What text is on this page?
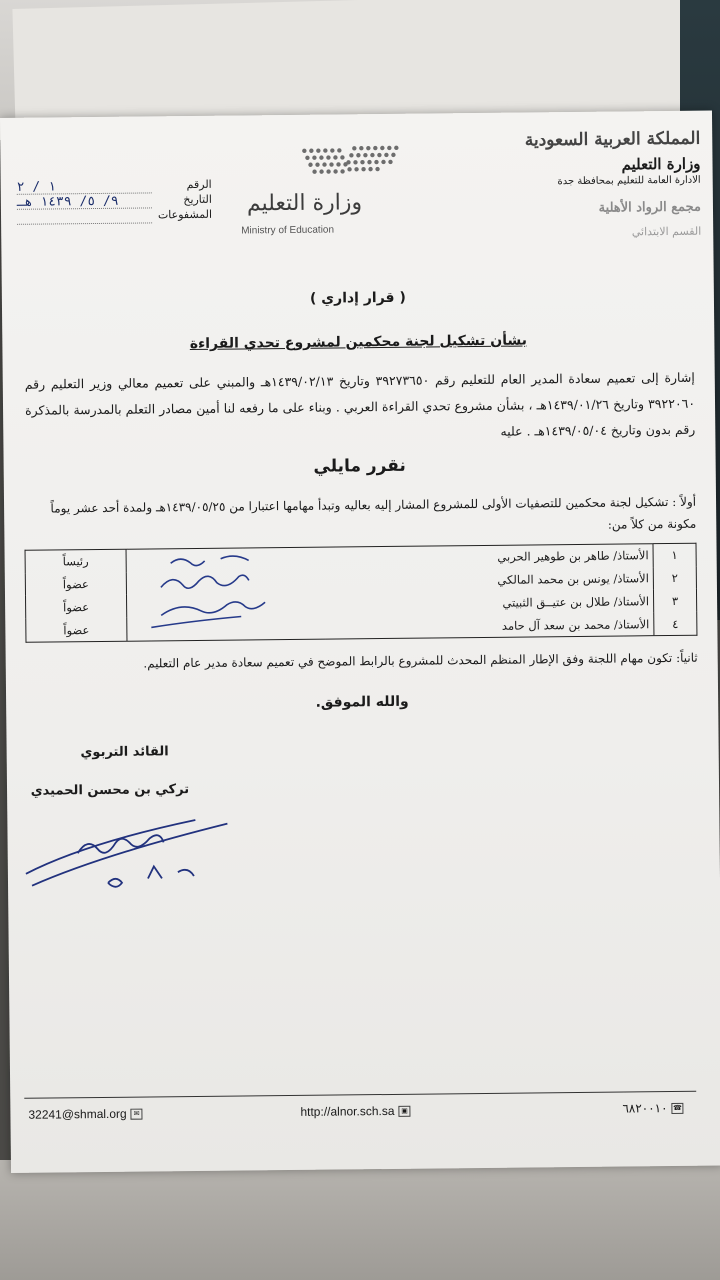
المملكة العربية السعودية
وزارة التعليم
الادارة العامة للتعليم بمحافظة جدة
مجمع الرواد الأهلية
القسم الابتدائي
وزارة التعليم
Ministry of Education
الرقم
١ / ٢
التاريخ
٩/ ٥/ ١٤٣٩ هـ
المشفوعات
( قرار إداري )
بشأن تشكيل لجنة محكمين لمشروع تحدي القراءة
إشارة إلى تعميم سعادة المدير العام للتعليم رقم ٣٩٢٧٣٦٥٠ وتاريخ ١٤٣٩/٠٢/١٣هـ والمبني على تعميم معالي وزير التعليم رقم ٣٩٢٢٠٦٠ وتاريخ ١٤٣٩/٠١/٢٦هـ ، بشأن مشروع تحدي القراءة العربي . وبناء على ما رفعه لنا أمين مصادر التعلم بالمدرسة بالمذكرة رقم بدون وتاريخ ١٤٣٩/٠٥/٠٤هـ . عليه
نقرر مايلي
أولاً : تشكيل لجنة محكمين للتصفيات الأولى للمشروع المشار إليه بعاليه وتبدأ مهامها اعتبارا من ١٤٣٩/٠٥/٢٥هـ ولمدة أحد عشر يوماً مكونة من كلاً من:
١	الأستاذ/ طاهر بن طوهير الحربي		رئيساً
٢	الأستاذ/ يونس بن محمد المالكي		عضواً
٣	الأستاذ/ طلال بن عتيــق الثبيتي		عضواً
٤	الأستاذ/ محمد بن سعد آل حامد		عضواً
ثانياً: تكون مهام اللجنة وفق الإطار المنظم المحدث للمشروع بالرابط الموضح في تعميم سعادة مدير عام التعليم.
والله الموفق.
القائد التربوي
تركي بن محسن الحميدي
32241@shmal.org ✉	http://alnor.sch.sa ▣	٦٨٢٠٠١٠ ☎
